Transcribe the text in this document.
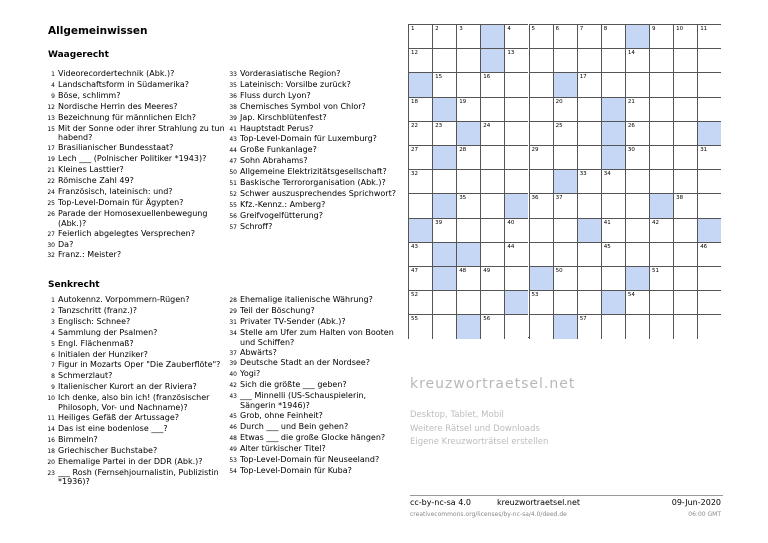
Allgemeinwissen
Waagerecht
Senkrecht
1 Videorecordertechnik (Abk.)?
4 Landschaftsform in Südamerika?
9 Böse, schlimm?
12 Nordische Herrin des Meeres?
13 Bezeichnung für männlichen Elch?
15 Mit der Sonne oder ihrer Strahlung zu tun habend?
17 Brasilianischer Bundesstaat?
19 Lech ___ (Polnischer Politiker *1943)?
21 Kleines Lasttier?
22 Römische Zahl 49?
24 Französisch, lateinisch: und?
25 Top-Level-Domain für Ägypten?
26 Parade der Homosexuellenbewegung (Abk.)?
27 Feierlich abgelegtes Versprechen?
30 Da?
32 Franz.: Meister?
33 Vorderasiatische Region?
35 Lateinisch: Vorsilbe zurück?
36 Fluss durch Lyon?
38 Chemisches Symbol von Chlor?
39 Jap. Kirschblütenfest?
41 Hauptstadt Perus?
43 Top-Level-Domain für Luxemburg?
44 Große Funkanlage?
47 Sohn Abrahams?
50 Allgemeine Elektrizitätsgesellschaft?
51 Baskische Terrororganisation (Abk.)?
52 Schwer auszusprechendes Sprichwort?
55 Kfz.-Kennz.: Amberg?
56 Greifvogelfütterung?
57 Schroff?
1 Autokennz. Vorpommern-Rügen?
2 Tanzschritt (franz.)?
3 Englisch: Schnee?
4 Sammlung der Psalmen?
5 Engl. Flächenmaß?
6 Initialen der Hunziker?
7 Figur in Mozarts Oper "Die Zauberflöte"?
8 Schmerzlaut?
9 Italienischer Kurort an der Riviera?
10 Ich denke, also bin ich! (französischer Philosoph, Vor- und Nachname)?
11 Heiliges Gefäß der Artussage?
14 Das ist eine bodenlose ___?
16 Bimmeln?
18 Griechischer Buchstabe?
20 Ehemalige Partei in der DDR (Abk.)?
23 ___ Rosh (Fernsehjournalistin, Publizistin *1936)?
28 Ehemalige italienische Währung?
29 Teil der Böschung?
31 Privater TV-Sender (Abk.)?
34 Stelle am Ufer zum Halten von Booten und Schiffen?
37 Abwärts?
39 Deutsche Stadt an der Nordsee?
40 Yogi?
42 Sich die größte ___ geben?
43 ___ Minnelli (US-Schauspielerin, Sängerin *1946)?
45 Grob, ohne Feinheit?
46 Durch ___ und Bein gehen?
48 Etwas ___ die große Glocke hängen?
49 Alter türkischer Titel?
53 Top-Level-Domain für Neuseeland?
54 Top-Level-Domain für Kuba?
1	2	3	4	5	6	7	8	9	10	11
12	13	14
15	16	17
18	19	20	21
22	23	24	25	26
27	28	29	30	31
32	33	34
35	36	37	38
39	40	41	42
43	44	45	46
47	48	49	50	51
52	53	54
55	56	57
kreuzwortraetsel.net
Desktop, Tablet, Mobil
Weitere Rätsel und Downloads
Eigene Kreuzworträtsel erstellen
cc-by-nc-sa 4.0	kreuzwortraetsel.net	09-Jun-2020
creativecommons.org/licenses/by-nc-sa/4.0/deed.de	06:00 GMT
